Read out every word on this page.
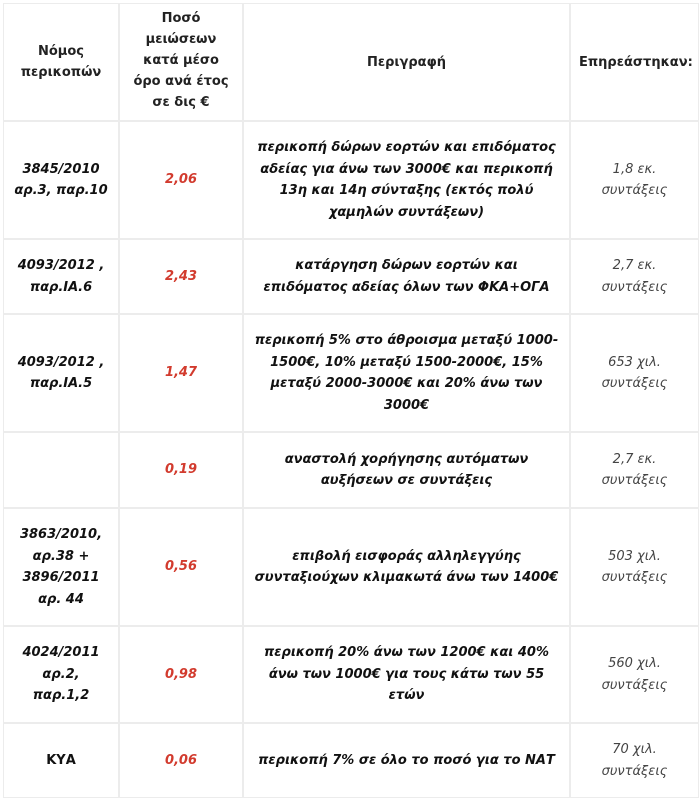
Νόμος περικοπών	Ποσό μειώσεων κατά μέσο όρο ανά έτος σε δις €	Περιγραφή	Επηρεάστηκαν:
3845/2010 αρ.3, παρ.10	2,06	περικοπή δώρων εορτών και επιδόματος αδείας για άνω των 3000€ και περικοπή 13η και 14η σύνταξης (εκτός πολύ χαμηλών συντάξεων)	1,8 εκ. συντάξεις
4093/2012 , παρ.ΙΑ.6	2,43	κατάργηση δώρων εορτών και επιδόματος αδείας όλων των ΦΚΑ+ΟΓΑ	2,7 εκ. συντάξεις
4093/2012 , παρ.ΙΑ.5	1,47	περικοπή 5% στο άθροισμα μεταξύ 1000-1500€, 10% μεταξύ 1500-2000€, 15% μεταξύ 2000-3000€ και 20% άνω των 3000€	653 χιλ. συντάξεις
	0,19	αναστολή χορήγησης αυτόματων αυξήσεων σε συντάξεις	2,7 εκ. συντάξεις
3863/2010, αρ.38 + 3896/2011 αρ. 44	0,56	επιβολή εισφοράς αλληλεγγύης συνταξιούχων κλιμακωτά άνω των 1400€	503 χιλ. συντάξεις
4024/2011 αρ.2, παρ.1,2	0,98	περικοπή 20% άνω των 1200€ και 40% άνω των 1000€ για τους κάτω των 55 ετών	560 χιλ. συντάξεις
ΚΥΑ	0,06	περικοπή 7% σε όλο το ποσό για το ΝΑΤ	70 χιλ. συντάξεις
